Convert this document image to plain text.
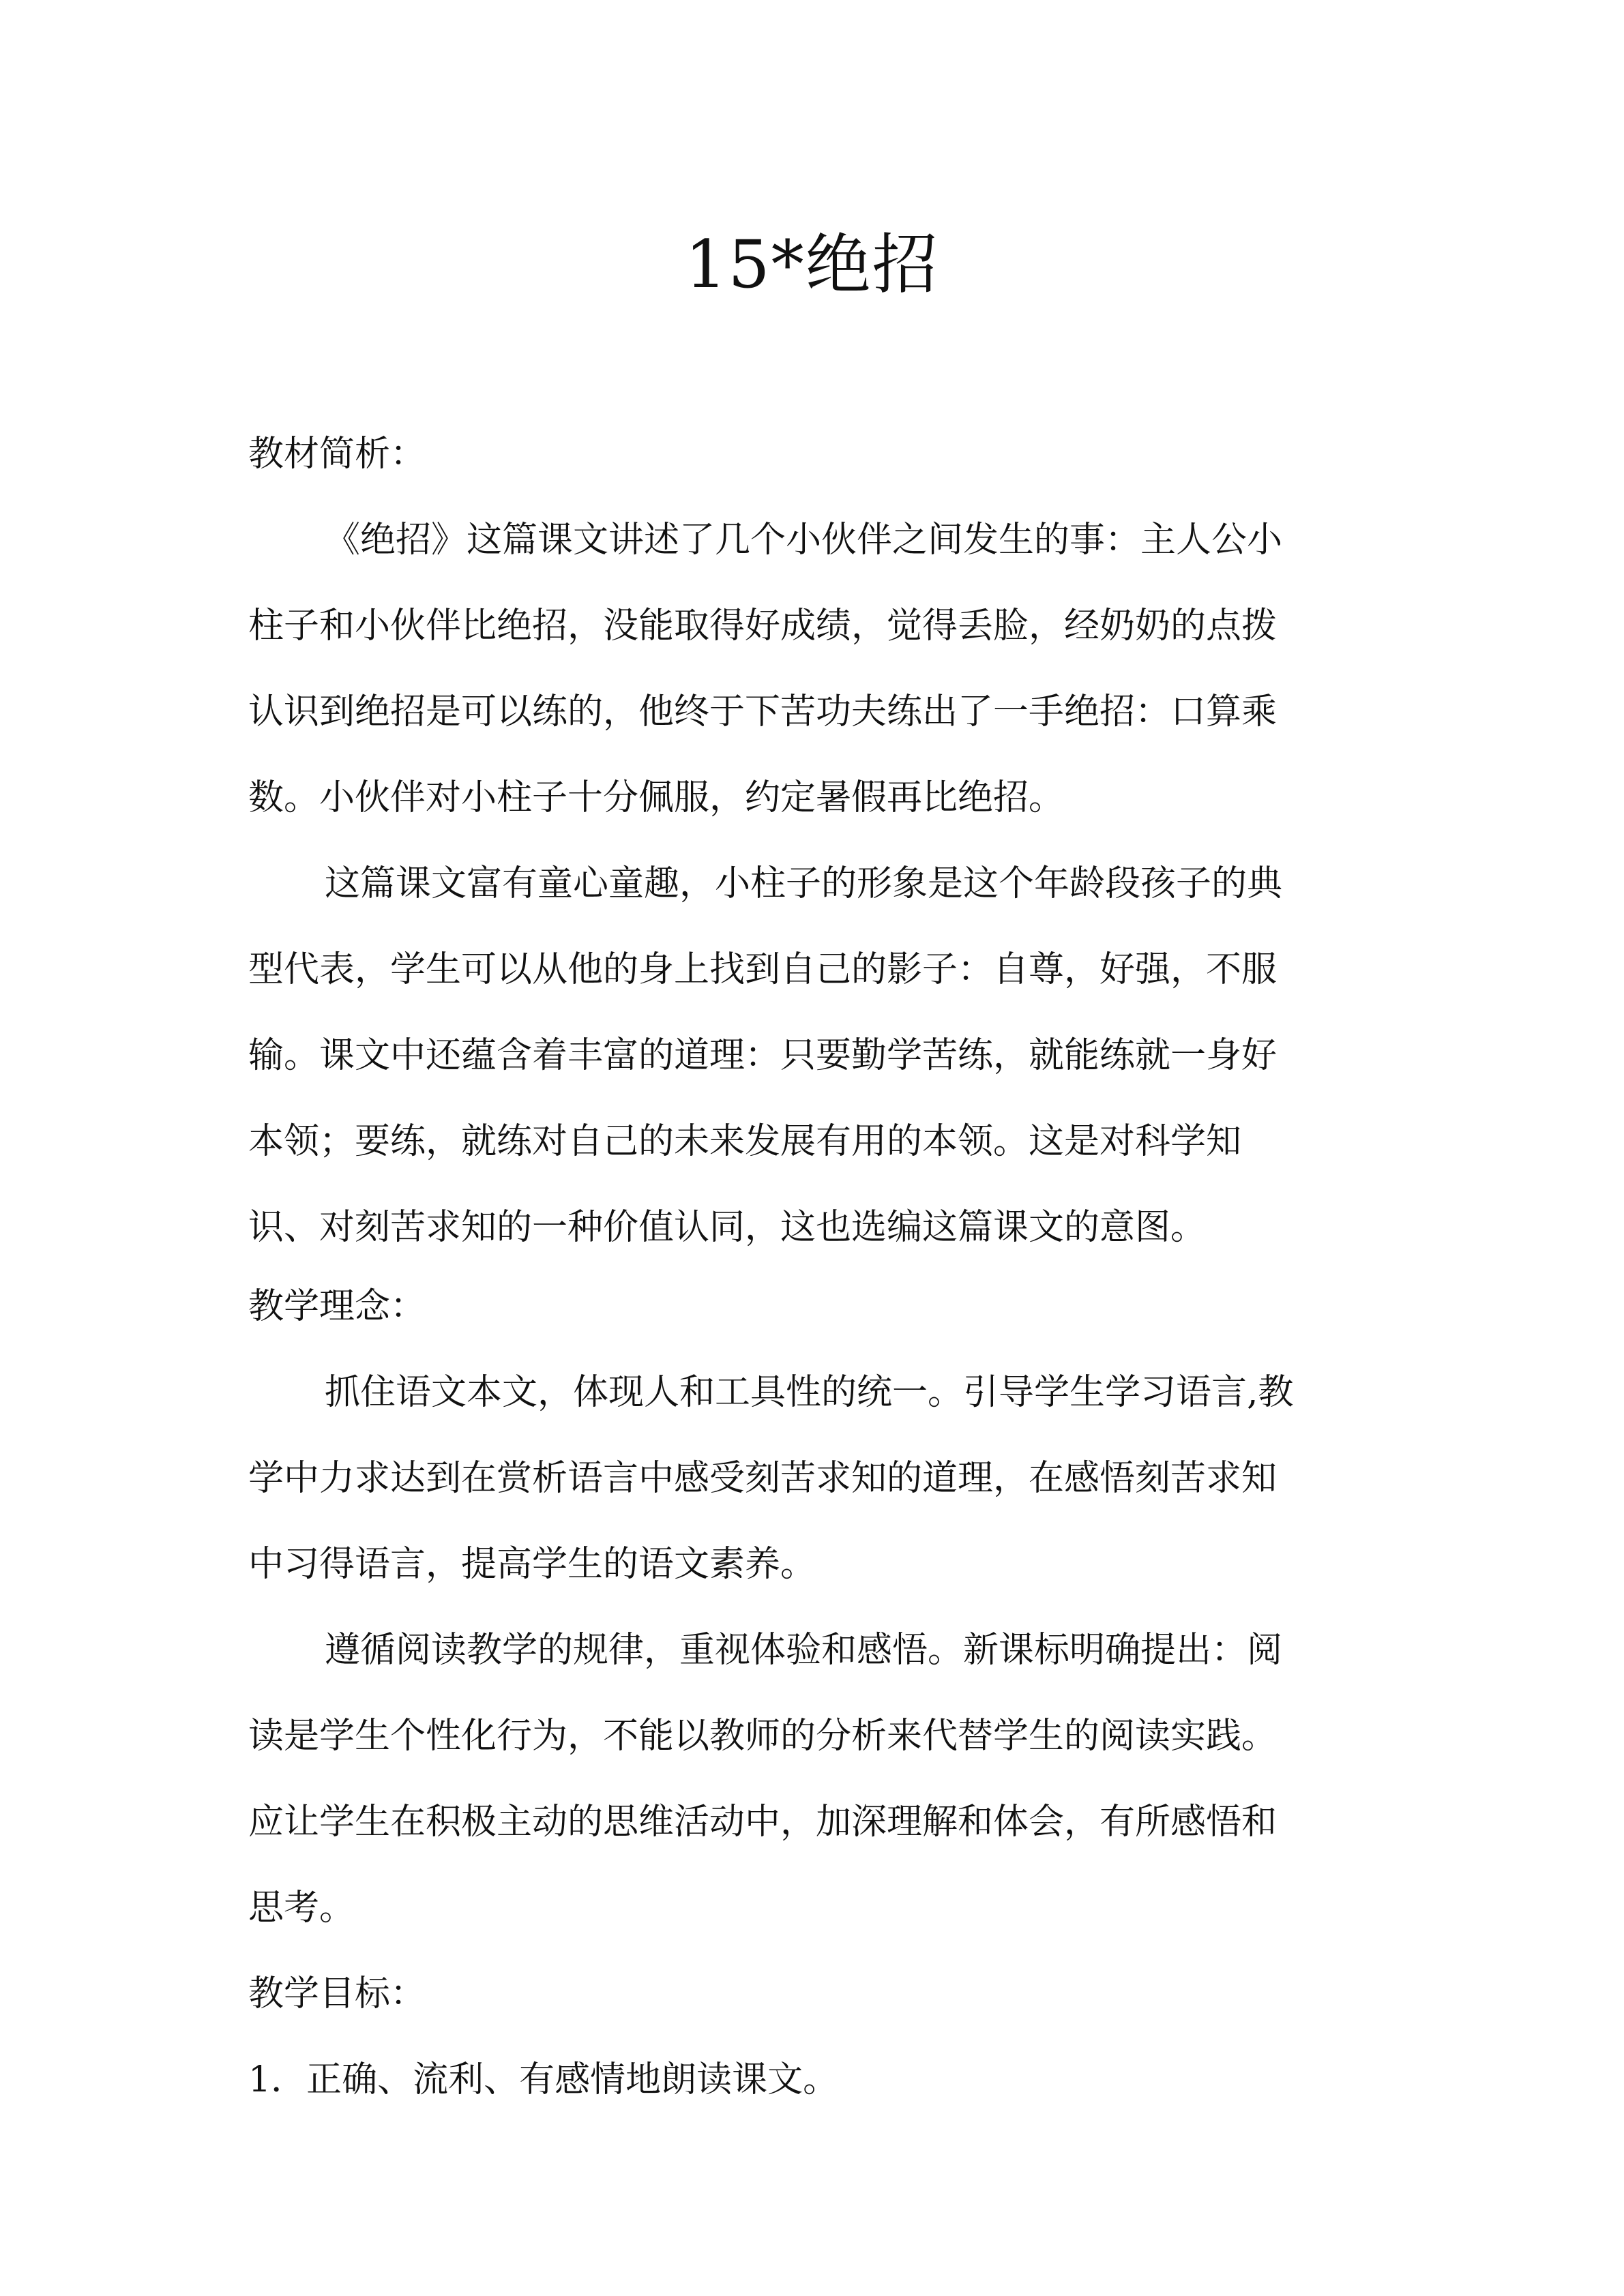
15*绝招
教材简析：
《绝招》这篇课文讲述了几个小伙伴之间发生的事：主人公小
柱子和小伙伴比绝招，没能取得好成绩，觉得丢脸，经奶奶的点拨
认识到绝招是可以练的，他终于下苦功夫练出了一手绝招：口算乘
数。小伙伴对小柱子十分佩服，约定暑假再比绝招。
这篇课文富有童心童趣，小柱子的形象是这个年龄段孩子的典
型代表，学生可以从他的身上找到自己的影子：自尊，好强，不服
输。课文中还蕴含着丰富的道理：只要勤学苦练，就能练就一身好
本领；要练，就练对自己的未来发展有用的本领。这是对科学知
识、对刻苦求知的一种价值认同，这也选编这篇课文的意图。
教学理念：
抓住语文本文，体现人和工具性的统一。引导学生学习语言,教
学中力求达到在赏析语言中感受刻苦求知的道理，在感悟刻苦求知
中习得语言，提高学生的语文素养。
遵循阅读教学的规律，重视体验和感悟。新课标明确提出：阅
读是学生个性化行为，不能以教师的分析来代替学生的阅读实践。
应让学生在积极主动的思维活动中，加深理解和体会，有所感悟和
思考。
教学目标：
1．正确、流利、有感情地朗读课文。
